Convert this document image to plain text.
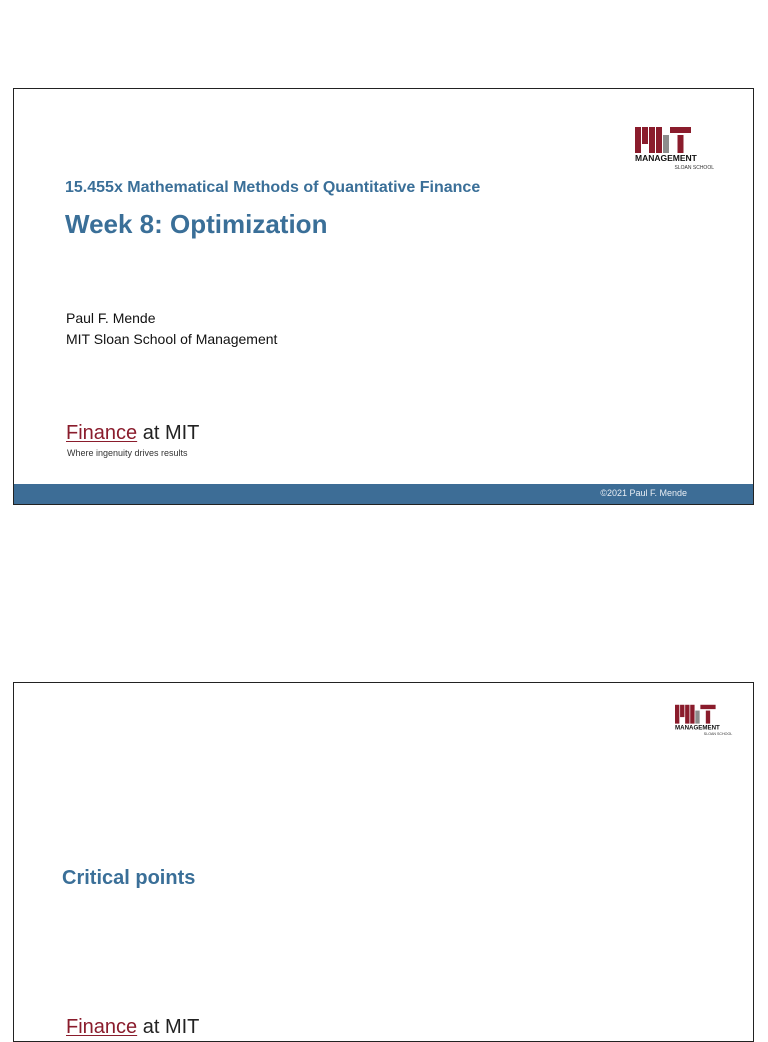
MANAGEMENT
SLOAN SCHOOL
15.455x Mathematical Methods of Quantitative Finance
Week 8: Optimization
Paul F. Mende
MIT Sloan School of Management
Finance at MIT
Where ingenuity drives results
©2021 Paul F. Mende
MANAGEMENT
SLOAN SCHOOL
Critical points
Finance at MIT
